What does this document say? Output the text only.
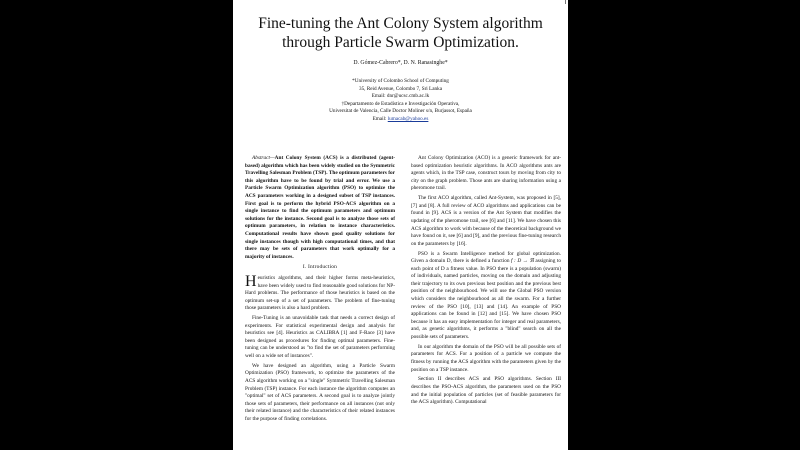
Fine-tuning the Ant Colony System algorithm
through Particle Swarm Optimization.
D. Gómez-Cabrero*, D. N. Ranasinghe*
*University of Colombo School of Computing
35, Reid Avenue, Colombo 7, Sri Lanka
Email: dnr@ucsc.cmb.ac.lk
†Departamento de Estadística e Investigación Operativa,
Universitat de Valencia, Calle Doctor Moliner s/n, Burjassot, España
Email: lumacab@yahoo.es

Abstract—Ant Colony System (ACS) is a distributed (agent-based) algorithm which has been widely studied on the Symmetric Travelling Salesman Problem (TSP). The optimum parameters for this algorithm have to be found by trial and error. We use a Particle Swarm Optimization algorithm (PSO) to optimize the ACS parameters working in a designed subset of TSP instances. First goal is to perform the hybrid PSO-ACS algorithm on a single instance to find the optimum parameters and optimum solutions for the instance. Second goal is to analyze those sets of optimum parameters, in relation to instance characteristics. Computational results have shown good quality solutions for single instances though with high computational times, and that there may be sets of parameters that work optimally for a majority of instances.

I. Introduction

Heuristics algorithms, and their higher forms meta-heuristics, have been widely used to find reasonable good solutions for NP-Hard problems. The performance of those heuristics is based on the optimum set-up of a set of parameters. The problem of fine-tuning those parameters is also a hard problem.

Fine-Tuning is an unavoidable task that needs a correct design of experiments. For statistical experimental design and analysis for heuristics see [4]. Heuristics as CALIBRA [1] and F-Race [3] have been designed as procedures for finding optimal parameters. Fine-tuning can be understood as "to find the set of parameters performing well on a wide set of instances".

We have designed an algorithm, using a Particle Swarm Optimization (PSO) framework, to optimize the parameters of the ACS algorithm working on a "single" Symmetric Travelling Salesman Problem (TSP) instance. For each instance the algorithm computes an "optimal" set of ACS parameters. A second goal is to analyze jointly those sets of parameters, their performance on all instances (not only their related instance) and the characteristics of their related instances for the purpose of finding correlations.

Ant Colony Optimization (ACO) is a generic framework for ant-based optimization heuristic algorithms. In ACO algorithms ants are agents which, in the TSP case, construct tours by moving from city to city on the graph problem. Those ants are sharing information using a pheromone trail.

The first ACO algorithm, called Ant-System, was proposed in [5], [7] and [8]. A full review of ACO algorithms and applications can be found in [9]. ACS is a version of the Ant System that modifies the updating of the pheromone trail, see [6] and [11]. We have chosen this ACS algorithm to work with because of the theoretical background we have found on it, see [6] and [9], and the previous fine-tuning research on the parameters by [16].

PSO is a Swarm Intelligence method for global optimization. Given a domain D, there is defined a function f : D → ℜ assigning to each point of D a fitness value. In PSO there is a population (swarm) of individuals, named particles, moving on the domain and adjusting their trajectory to its own previous best position and the previous best position of the neighbourhood. We will use the Global PSO version which considers the neighbourhood as all the swarm. For a further review of the PSO [10], [13] and [14]. An example of PSO applications can be found in [12] and [15]. We have chosen PSO because it has an easy implementation for integer and real parameters, and, as genetic algorithms, it performs a "blind" search on all the possible sets of parameters.

In our algorithm the domain of the PSO will be all possible sets of parameters for ACS. For a position of a particle we compute the fitness by running the ACS algorithm with the parameters given by the position on a TSP instance.

Section II describes ACS and PSO algorithms. Section III describes the PSO-ACS algorithm, the parameters used on the PSO and the initial population of particles (set of feasible parameters for the ACS algorithm). Computational
